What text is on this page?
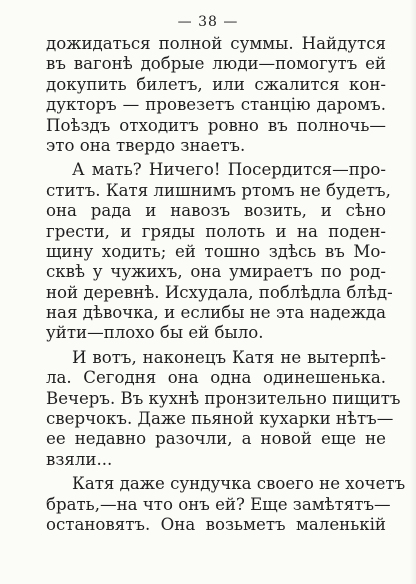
— 38 —
дожидаться полной суммы. Найдутся
въ вагонѣ добрые люди—помогутъ ей
докупить билетъ, или сжалится кон-
дукторъ — провезетъ станцію даромъ.
Поѣздъ отходитъ ровно въ полночь—
это она твердо знаетъ.
А мать? Ничего! Посердится—про-
ститъ. Катя лишнимъ ртомъ не будетъ,
она рада и навозъ возить, и сѣно
грести, и гряды полоть и на поден-
щину ходить; ей тошно здѣсь въ Мо-
сквѣ у чужихъ, она умираетъ по род-
ной деревнѣ. Исхудала, поблѣдла блѣд-
ная дѣвочка, и еслибы не эта надежда
уйти—плохо бы ей было.
И вотъ, наконецъ Катя не вытерпѣ-
ла. Сегодня она одна одинешенька.
Вечеръ. Въ кухнѣ пронзительно пищитъ
сверчокъ. Даже пьяной кухарки нѣтъ—
ее недавно разочли, а новой еще не
взяли...
Катя даже сундучка своего не хочетъ
брать,—на что онъ ей? Еще замѣтятъ—
остановятъ. Она возьметъ маленькій
